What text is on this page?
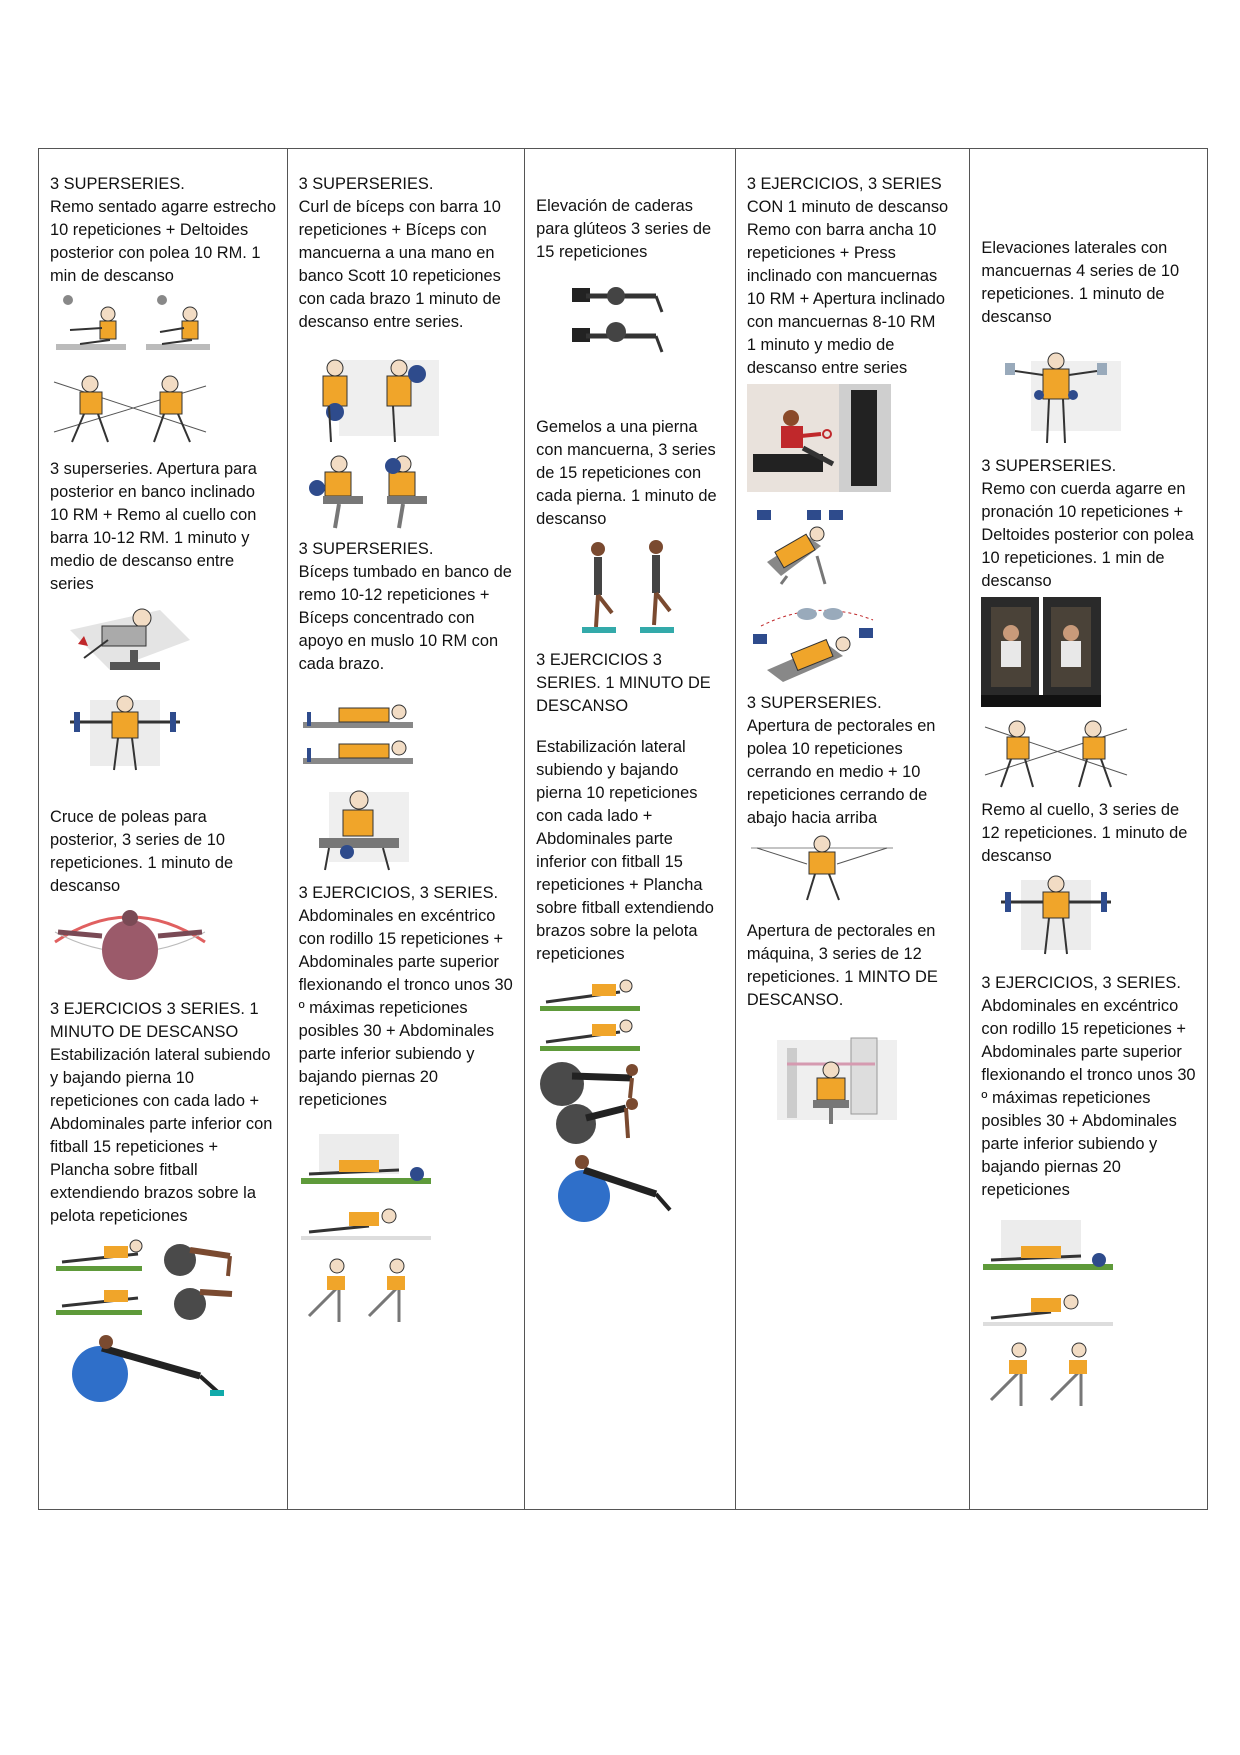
3 SUPERSERIES.
Remo sentado agarre estrecho 10 repeticiones + Deltoides posterior con polea 10 RM. 1 min de descanso

3 superseries. Apertura para posterior en banco inclinado 10 RM + Remo al cuello con barra 10-12 RM. 1 minuto y medio de descanso entre series

Cruce de poleas para posterior, 3 series de 10 repeticiones. 1 minuto de descanso

3 EJERCICIOS 3 SERIES. 1 MINUTO DE DESCANSO
Estabilización lateral subiendo y bajando pierna 10 repeticiones con cada lado + Abdominales parte inferior con fitball 15 repeticiones + Plancha sobre fitball extendiendo brazos sobre la pelota repeticiones

3 SUPERSERIES.
Curl de bíceps con barra 10 repeticiones + Bíceps con mancuerna a una mano en banco Scott 10 repeticiones con cada brazo 1 minuto de descanso entre series.

3 SUPERSERIES.
Bíceps tumbado en banco de remo 10-12 repeticiones + Bíceps concentrado con apoyo en muslo 10 RM con cada brazo.

3 EJERCICIOS, 3 SERIES.
Abdominales en excéntrico con rodillo 15 repeticiones + Abdominales parte superior flexionando el tronco unos 30 º máximas repeticiones posibles 30 + Abdominales parte inferior subiendo y bajando piernas 20 repeticiones

Elevación de caderas para glúteos 3 series de 15 repeticiones

Gemelos a una pierna con mancuerna, 3 series de 15 repeticiones con cada pierna. 1 minuto de descanso

3 EJERCICIOS 3 SERIES. 1 MINUTO DE DESCANSO

Estabilización lateral subiendo y bajando pierna 10 repeticiones con cada lado + Abdominales parte inferior con fitball 15 repeticiones + Plancha sobre fitball extendiendo brazos sobre la pelota repeticiones

3 EJERCICIOS, 3 SERIES CON 1 minuto de descanso
Remo con barra ancha 10 repeticiones + Press inclinado con mancuernas 10 RM + Apertura inclinado con mancuernas 8-10 RM
1 minuto y medio de descanso entre series

3 SUPERSERIES.
Apertura de pectorales en polea 10 repeticiones cerrando en medio + 10 repeticiones cerrando de abajo hacia arriba

Apertura de pectorales en máquina, 3 series de 12 repeticiones. 1 MINTO DE DESCANSO.

Elevaciones laterales con mancuernas 4 series de 10 repeticiones. 1 minuto de descanso

3 SUPERSERIES.
Remo con cuerda agarre en pronación 10 repeticiones + Deltoides posterior con polea 10 repeticiones. 1 min de descanso

Remo al cuello, 3 series de 12 repeticiones. 1 minuto de descanso

3 EJERCICIOS, 3 SERIES.
Abdominales en excéntrico con rodillo 15 repeticiones + Abdominales parte superior flexionando el tronco unos 30 º máximas repeticiones posibles 30 + Abdominales parte inferior subiendo y bajando piernas 20 repeticiones
